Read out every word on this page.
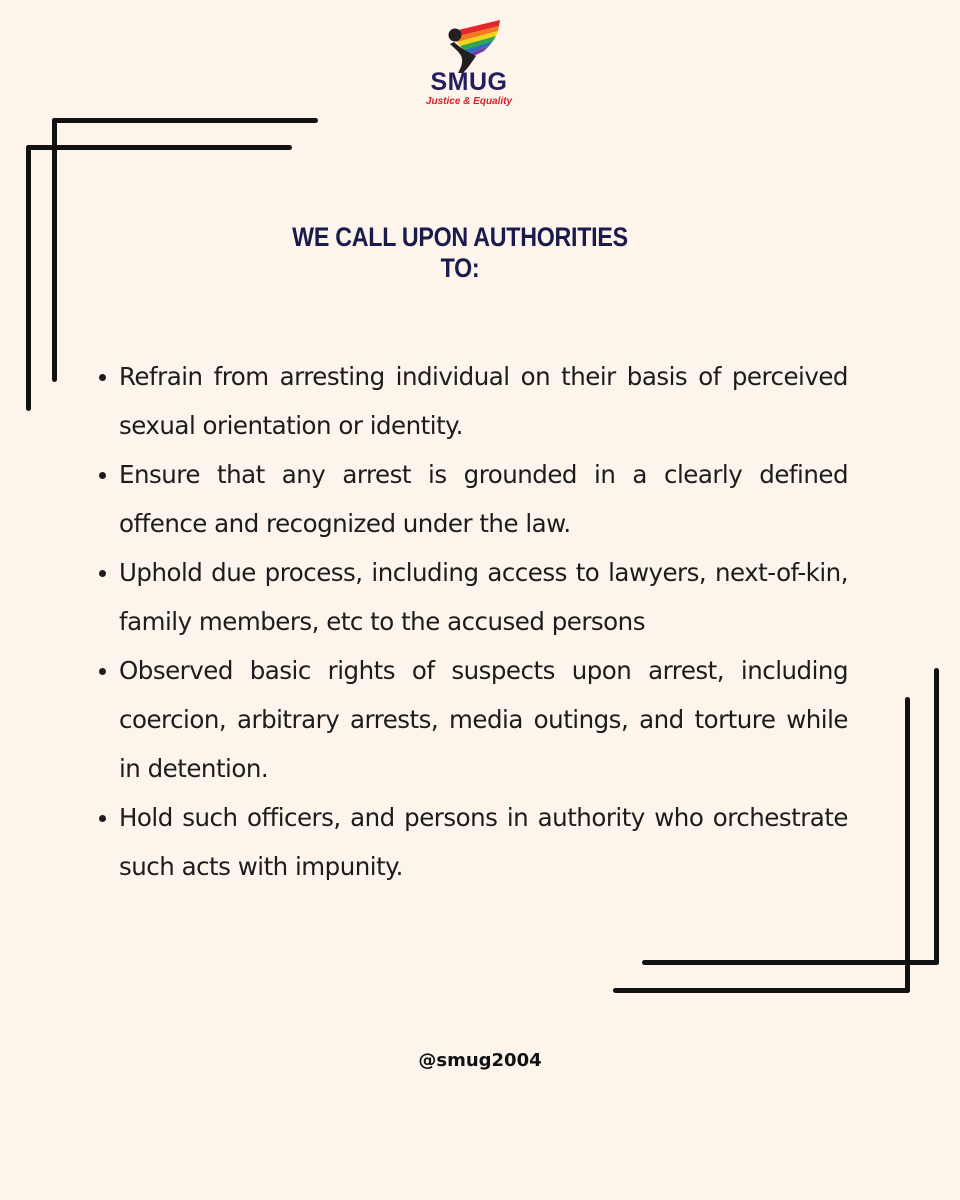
SMUG
Justice & Equality
WE CALL UPON AUTHORITIES TO:
Refrain from arresting individual on their basis of perceived sexual orientation or identity.
Ensure that any arrest is grounded in a clearly defined offence and recognized under the law.
Uphold due process, including access to lawyers, next-of-kin, family members, etc to the accused persons
Observed basic rights of suspects upon arrest, including coercion, arbitrary arrests, media outings, and torture while in detention.
Hold such officers, and persons in authority who orchestrate such acts with impunity.
@smug2004
